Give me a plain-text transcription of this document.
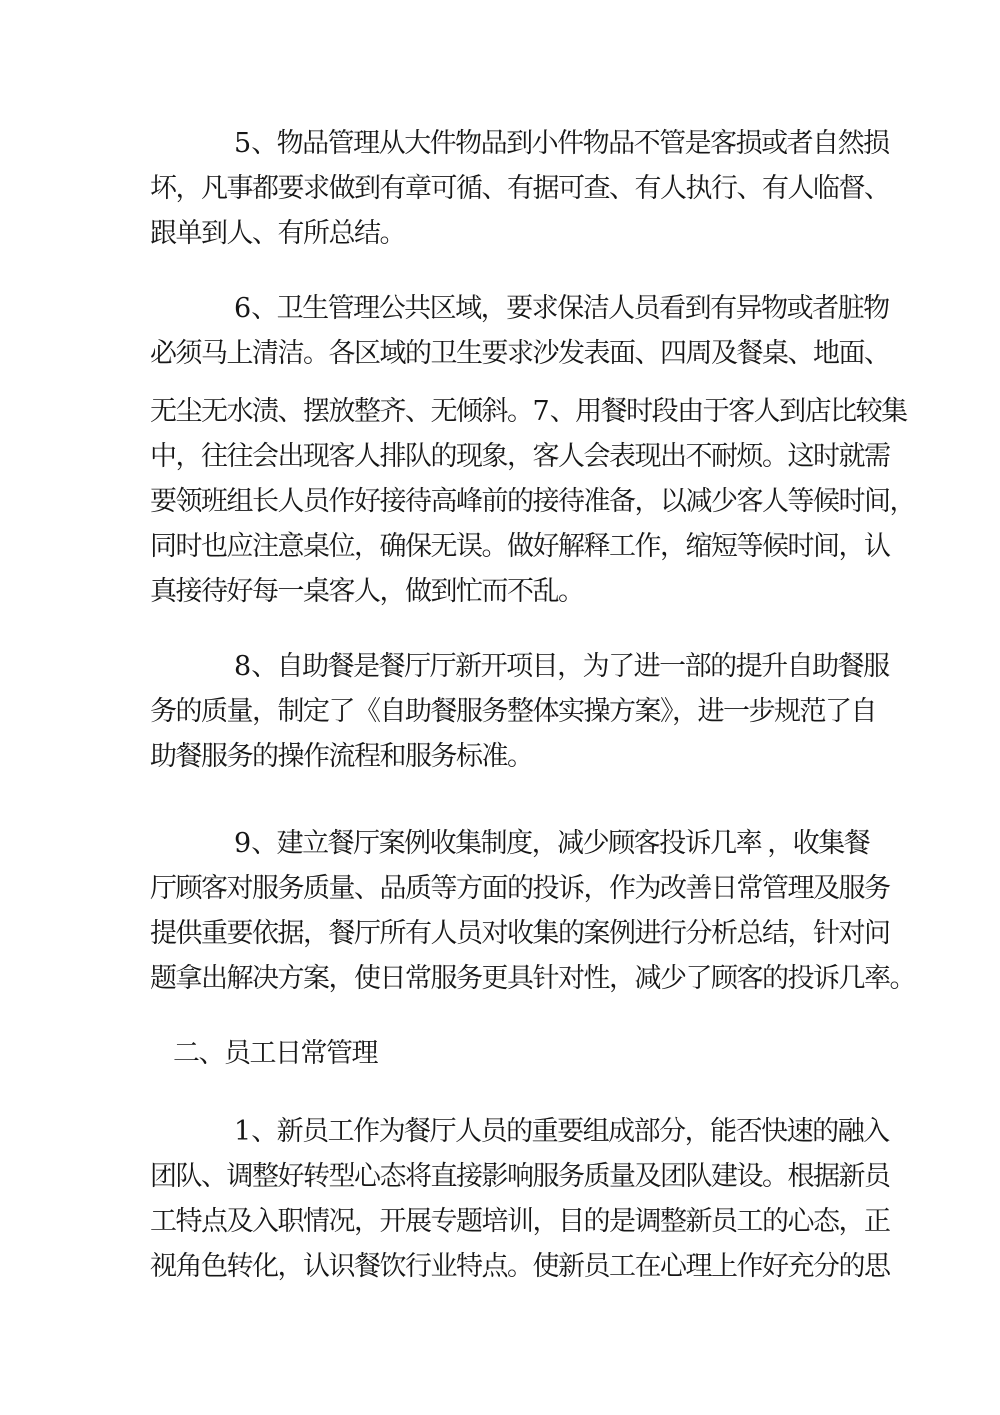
5、物品管理从大件物品到小件物品不管是客损或者自然损
坏，凡事都要求做到有章可循、有据可查、有人执行、有人临督、
跟单到人、有所总结。
6、卫生管理公共区域，要求保洁人员看到有异物或者脏物
必须马上清洁。各区域的卫生要求沙发表面、四周及餐桌、地面、
无尘无水渍、摆放整齐、无倾斜。7、用餐时段由于客人到店比较集
中，往往会出现客人排队的现象，客人会表现出不耐烦。这时就需
要领班组长人员作好接待高峰前的接待准备，以减少客人等候时间，
同时也应注意桌位，确保无误。做好解释工作，缩短等候时间，认
真接待好每一桌客人，做到忙而不乱。
8、自助餐是餐厅厅新开项目，为了进一部的提升自助餐服
务的质量，制定了《自助餐服务整体实操方案》，进一步规范了自
助餐服务的操作流程和服务标准。
9、建立餐厅案例收集制度，减少顾客投诉几率 ，收集餐
厅顾客对服务质量、品质等方面的投诉，作为改善日常管理及服务
提供重要依据，餐厅所有人员对收集的案例进行分析总结，针对问
题拿出解决方案，使日常服务更具针对性，减少了顾客的投诉几率。
二、员工日常管理
1、新员工作为餐厅人员的重要组成部分，能否快速的融入
团队、调整好转型心态将直接影响服务质量及团队建设。根据新员
工特点及入职情况，开展专题培训，目的是调整新员工的心态，正
视角色转化，认识餐饮行业特点。使新员工在心理上作好充分的思
